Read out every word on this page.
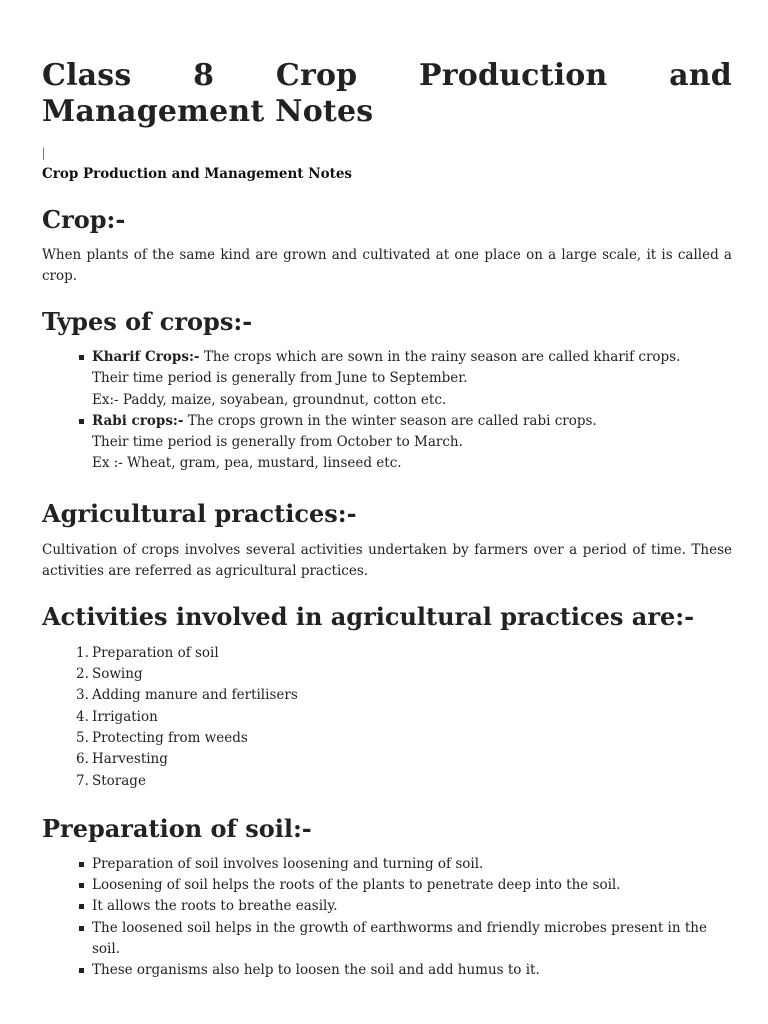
Class 8 Crop Production and Management Notes
|
Crop Production and Management Notes
Crop:-

When plants of the same kind are grown and cultivated at one place on a large scale, it is called a crop.

Types of crops:-
Kharif Crops:- The crops which are sown in the rainy season are called kharif crops.
Their time period is generally from June to September.
Ex:- Paddy, maize, soyabean, groundnut, cotton etc.
Rabi crops:- The crops grown in the winter season are called rabi crops.
Their time period is generally from October to March.
Ex :- Wheat, gram, pea, mustard, linseed etc.
Agricultural practices:-

Cultivation of crops involves several activities undertaken by farmers over a period of time. These activities are referred as agricultural practices.

Activities involved in agricultural practices are:-
1. Preparation of soil
2. Sowing
3. Adding manure and fertilisers
4. Irrigation
5. Protecting from weeds
6. Harvesting
7. Storage
Preparation of soil:-
Preparation of soil involves loosening and turning of soil.
Loosening of soil helps the roots of the plants to penetrate deep into the soil.
It allows the roots to breathe easily.
The loosened soil helps in the growth of earthworms and friendly microbes present in the soil.
These organisms also help to loosen the soil and add humus to it.
